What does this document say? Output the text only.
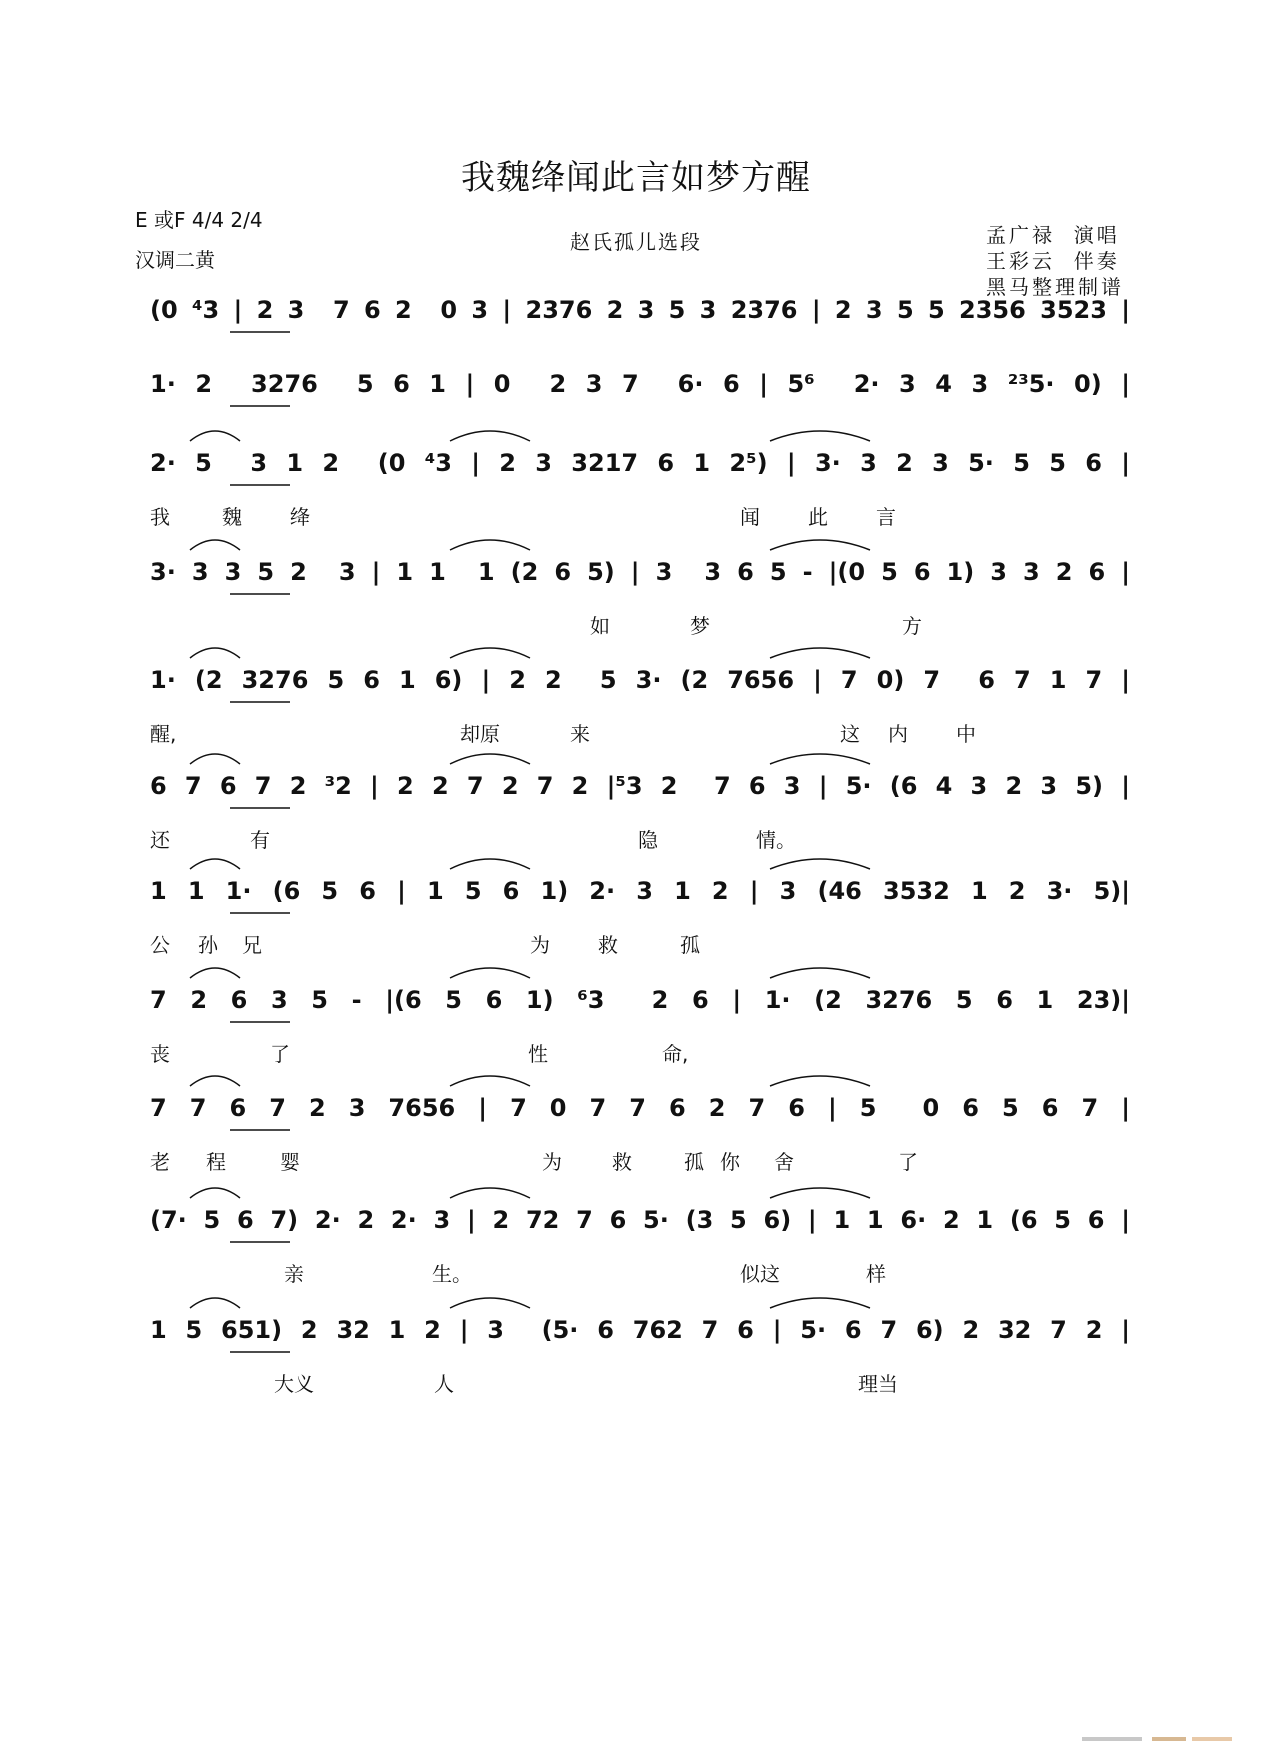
我魏绛闻此言如梦方醒
E 或F 4/4 2/4
汉调二黄
赵氏孤儿选段	孟广禄  演唱
王彩云  伴奏
黑马整理制谱
(0 ⁴3 | 2 3  7 6 2  0 3 | 2376 2 3 5 3 2376 | 2 3 5 5 2356 3523 |
1· 2  3276  5 6 1 | 0  2 3 7  6· 6 | 5⁶  2· 3 4 3 ²³5· 0) |
2· 5  3 1 2  (0 ⁴3 | 2 3 3217 6 1 2⁵) | 3· 3 2 3 5· 5 5 6 |
我	魏 绛	闻 此 言
3· 3 3 5 2  3 | 1 1  1 (2 6 5) | 3  3 6 5 - |(0 5 6 1) 3 3 2 6 |
如	梦	方
1· (2 3276 5 6 1 6) | 2 2  5 3· (2 7656 | 7 0) 7  6 7 1 7 |
醒,	却原	来	这 内 中
6 7 6 7 2 ³2 | 2 2 7 2 7 2 |⁵3 2  7 6 3 | 5· (6 4 3 2 3 5) |
还	有	隐	情。
1 1 1· (6 5 6 | 1 5 6 1) 2· 3 1 2 | 3 (46 3532 1 2 3· 5)|
公 孙 兄	为 救	孤
7 2 6 3 5 - |(6 5 6 1) ⁶3  2 6 | 1· (2 3276 5 6 1 23)|
丧	了	性	命,
7 7 6 7 2 3 7656 | 7 0 7 7 6 2 7 6 | 5  0 6 5 6 7 |
老 程	婴	为	救	孤 你 舍	了
(7· 5 6 7) 2· 2 2· 3 | 2 72 7 6 5· (3 5 6) | 1 1 6· 2 1 (6 5 6 |
亲	生。	似这	样
1 5 651) 2 32 1 2 | 3  (5· 6 762 7 6 | 5· 6 7 6) 2 32 7 2 |
大义	人	理当
